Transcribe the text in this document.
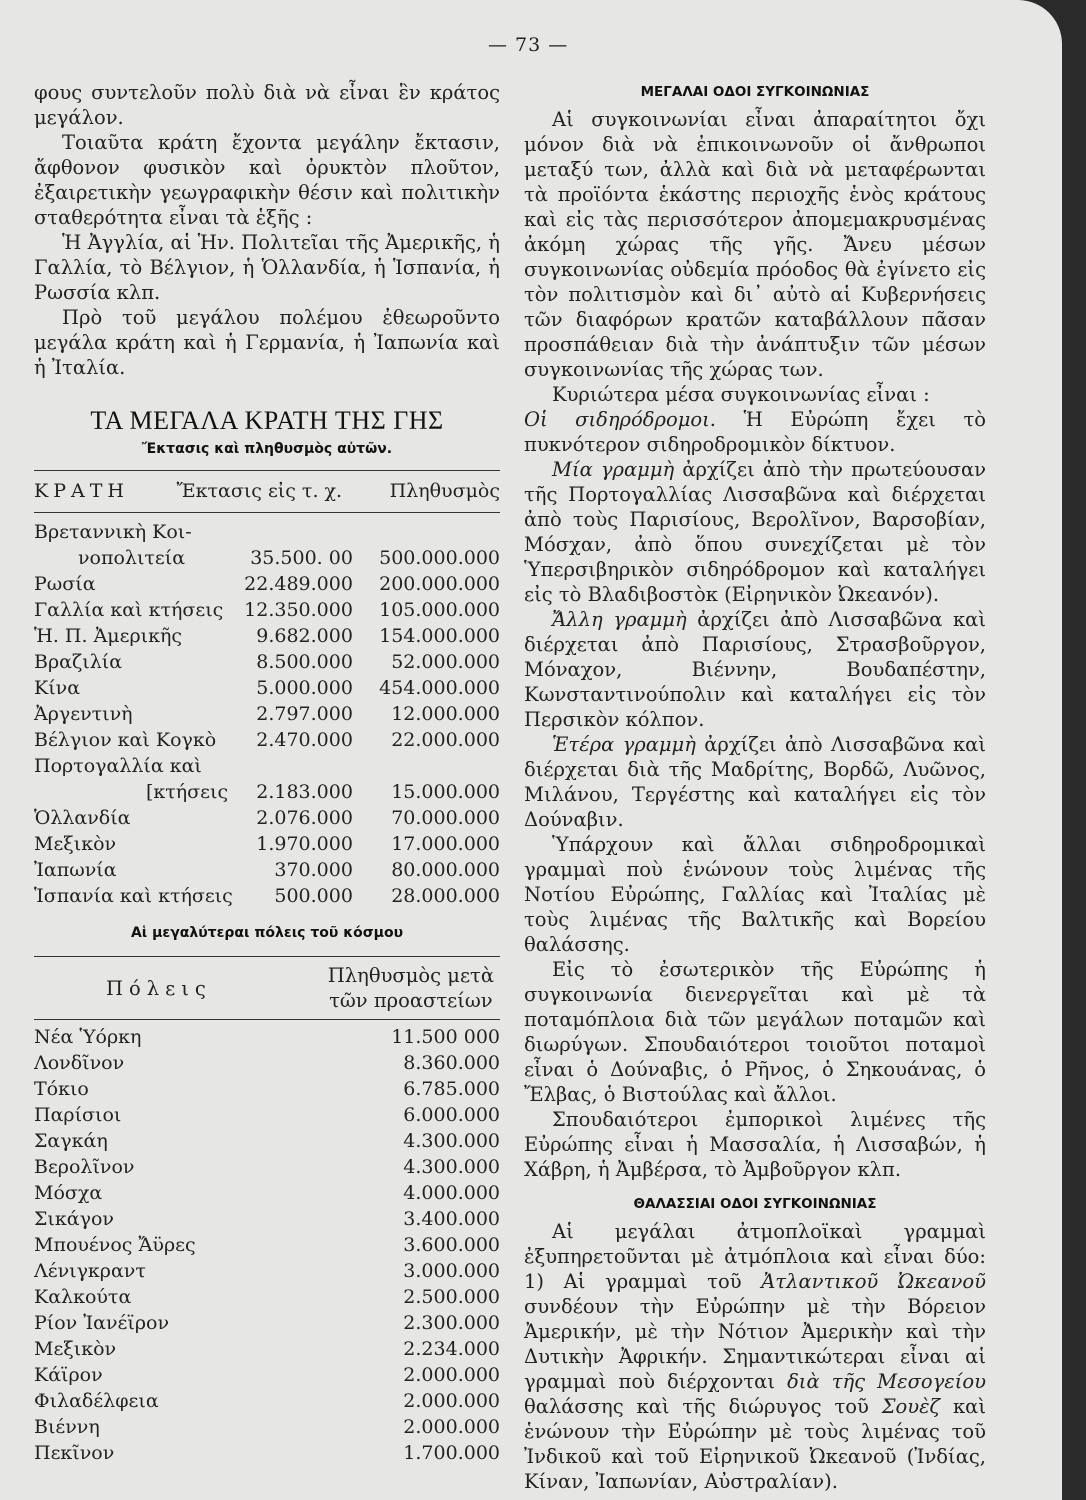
— 73 —

φους συντελοῦν πολὺ διὰ νὰ εἶναι ἓν κράτος μεγάλον.

Τοιαῦτα κράτη ἔχοντα μεγάλην ἔκτασιν, ἄφθονον φυσικὸν καὶ ὀρυκτὸν πλοῦτον, ἐξαιρετικὴν γεωγραφικὴν θέσιν καὶ πολιτικὴν σταθερότητα εἶναι τὰ ἑξῆς :

Ἡ Ἀγγλία, αἱ Ἡν. Πολιτεῖαι τῆς Ἀμερικῆς, ἡ Γαλλία, τὸ Βέλγιον, ἡ Ὁλλανδία, ἡ Ἱσπανία, ἡ Ρωσσία κλπ.

Πρὸ τοῦ μεγάλου πολέμου ἐθεωροῦντο μεγάλα κράτη καὶ ἡ Γερμανία, ἡ Ἰαπωνία καὶ ἡ Ἰταλία.

ΤΑ ΜΕΓΑΛΑ ΚΡΑΤΗ ΤΗΣ ΓΗΣ
Ἔκτασις καὶ πληθυσμὸς αὐτῶν.
ΚΡΑΤΗ	Ἔκτασις εἰς τ. χ.	Πληθυσμὸς
Βρεταννικὴ Κοι-		
νοπολιτεία	35.500. 00	500.000.000
Ρωσία	22.489.000	200.000.000
Γαλλία καὶ κτήσεις	12.350.000	105.000.000
Ἡ. Π. Ἀμερικῆς	9.682.000	154.000.000
Βραζιλία	8.500.000	52.000.000
Κίνα	5.000.000	454.000.000
Ἀργεντινὴ	2.797.000	12.000.000
Βέλγιον καὶ Κογκὸ	2.470.000	22.000.000
Πορτογαλλία καὶ		
[κτήσεις	2.183.000	15.000.000
Ὁλλανδία	2.076.000	70.000.000
Μεξικὸν	1.970.000	17.000.000
Ἰαπωνία	370.000	80.000.000
Ἱσπανία καὶ κτήσεις	500.000	28.000.000
Αἱ μεγαλύτεραι πόλεις τοῦ κόσμου
Πόλεις
Πληθυσμὸς μετὰ
τῶν προαστείων
Νέα Ὑόρκη	11.500 000
Λονδῖνον	8.360.000
Τόκιο	6.785.000
Παρίσιοι	6.000.000
Σαγκάη	4.300.000
Βερολῖνον	4.300.000
Μόσχα	4.000.000
Σικάγον	3.400.000
Μπουένος Ἄϋρες	3.600.000
Λένιγκραντ	3.000.000
Καλκούτα	2.500.000
Ρίον Ἰανέϊρον	2.300.000
Μεξικὸν	2.234.000
Κάϊρον	2.000.000
Φιλαδέλφεια	2.000.000
Βιέννη	2.000.000
Πεκῖνον	1.700.000
ΜΕΓΑΛΑΙ ΟΔΟΙ ΣΥΓΚΟΙΝΩΝΙΑΣ

Αἱ συγκοινωνίαι εἶναι ἀπαραίτητοι ὄχι μόνον διὰ νὰ ἐπικοινωνοῦν οἱ ἄνθρωποι μεταξύ των, ἀλλὰ καὶ διὰ νὰ μεταφέρωνται τὰ προϊόντα ἑκάστης περιοχῆς ἑνὸς κράτους καὶ εἰς τὰς περισσότερον ἀπομεμακρυσμένας ἀκόμη χώρας τῆς γῆς. Ἄνευ μέσων συγκοινωνίας οὐδεμία πρόοδος θὰ ἐγίνετο εἰς τὸν πολιτισμὸν καὶ δι᾽ αὐτὸ αἱ Κυβερνήσεις τῶν διαφόρων κρατῶν καταβάλλουν πᾶσαν προσπάθειαν διὰ τὴν ἀνάπτυξιν τῶν μέσων συγκοινωνίας τῆς χώρας των.

Κυριώτερα μέσα συγκοινωνίας εἶναι :

Οἱ σιδηρόδρομοι. Ἡ Εὐρώπη ἔχει τὸ πυκνότερον σιδηροδρομικὸν δίκτυον.

Μία γραμμὴ ἀρχίζει ἀπὸ τὴν πρωτεύουσαν τῆς Πορτογαλλίας Λισσαβῶνα καὶ διέρχεται ἀπὸ τοὺς Παρισίους, Βερολῖνον, Βαρσοβίαν, Μόσχαν, ἀπὸ ὅπου συνεχίζεται μὲ τὸν Ὑπερσιβηρικὸν σιδηρόδρομον καὶ καταλήγει εἰς τὸ Βλαδιβοστὸκ (Εἰρηνικὸν Ὠκεανόν).

Ἄλλη γραμμὴ ἀρχίζει ἀπὸ Λισσαβῶνα καὶ διέρχεται ἀπὸ Παρισίους, Στρασβοῦργον, Μόναχον, Βιέννην, Βουδαπέστην, Κωνσταντινούπολιν καὶ καταλήγει εἰς τὸν Περσικὸν κόλπον.

Ἑτέρα γραμμὴ ἀρχίζει ἀπὸ Λισσαβῶνα καὶ διέρχεται διὰ τῆς Μαδρίτης, Βορδῶ, Λυῶνος, Μιλάνου, Τεργέστης καὶ καταλήγει εἰς τὸν Δούναβιν.

Ὑπάρχουν καὶ ἄλλαι σιδηροδρομικαὶ γραμμαὶ ποὺ ἑνώνουν τοὺς λιμένας τῆς Νοτίου Εὐρώπης, Γαλλίας καὶ Ἰταλίας μὲ τοὺς λιμένας τῆς Βαλτικῆς καὶ Βορείου θαλάσσης.

Εἰς τὸ ἐσωτερικὸν τῆς Εὐρώπης ἡ συγκοινωνία διενεργεῖται καὶ μὲ τὰ ποταμόπλοια διὰ τῶν μεγάλων ποταμῶν καὶ διωρύγων. Σπουδαιότεροι τοιοῦτοι ποταμοὶ εἶναι ὁ Δούναβις, ὁ Ρῆνος, ὁ Σηκουάνας, ὁ Ἔλβας, ὁ Βιστούλας καὶ ἄλλοι.

Σπουδαιότεροι ἐμπορικοὶ λιμένες τῆς Εὐρώπης εἶναι ἡ Μασσαλία, ἡ Λισσαβών, ἡ Χάβρη, ἡ Ἀμβέρσα, τὸ Ἀμβοῦργον κλπ.

ΘΑΛΑΣΣΙΑΙ ΟΔΟΙ ΣΥΓΚΟΙΝΩΝΙΑΣ

Αἱ μεγάλαι ἀτμοπλοϊκαὶ γραμμαὶ ἐξυπηρετοῦνται μὲ ἀτμόπλοια καὶ εἶναι δύο: 1) Αἱ γραμμαὶ τοῦ Ἀτλαντικοῦ Ὠκεανοῦ συνδέουν τὴν Εὐρώπην μὲ τὴν Βόρειον Ἀμερικήν, μὲ τὴν Νότιον Ἀμερικὴν καὶ τὴν Δυτικὴν Ἀφρικήν. Σημαντικώτεραι εἶναι αἱ γραμμαὶ ποὺ διέρχονται διὰ τῆς Μεσογείου θαλάσσης καὶ τῆς διώρυγος τοῦ Σουὲζ καὶ ἑνώνουν τὴν Εὐρώπην μὲ τοὺς λιμένας τοῦ Ἰνδικοῦ καὶ τοῦ Εἰρηνικοῦ Ὠκεανοῦ (Ἰνδίας, Κίναν, Ἰαπωνίαν, Αὐστραλίαν).
